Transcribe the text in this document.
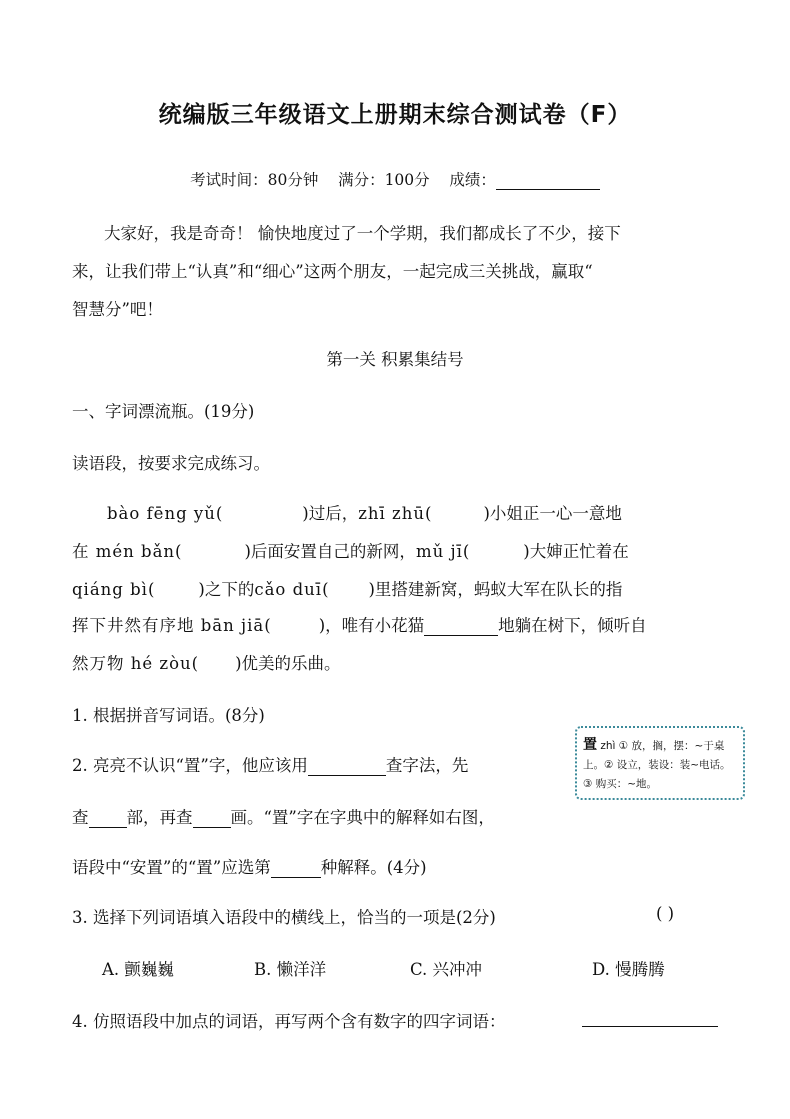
统编版三年级语文上册期末综合测试卷（F）
考试时间：80分钟 满分：100分 成绩：
大家好，我是奇奇！ 愉快地度过了一个学期，我们都成长了不少，接下
来，让我们带上“认真”和“细心”这两个朋友，一起完成三关挑战，赢取“
智慧分”吧！
第一关 积累集结号
一、字词漂流瓶。(19分)
读语段，按要求完成练习。
bào fēng yǔ(	)过后，zhī zhū(	)小姐正一心一意地
在 mén bǎn(	)后面安置自己的新网，mǔ jī(	)大婶正忙着在
qiáng bì(	)之下的cǎo duī( )里搭建新窝，蚂蚁大军在队长的指
挥下井然有序地 bān jiā(	)，唯有小花猫	地躺在树下，倾听自
然万物 hé zòu( )优美的乐曲。
1. 根据拼音写词语。(8分)
2. 亮亮不认识“置”字，他应该用	查字法，先
查 部，再查 画。“置”字在字典中的解释如右图，
语段中“安置”的“置”应选第	种解释。(4分)
置 zhì ① 放，搁，摆：~于桌
上。② 设立，装设：装~电话。
③ 购买：~地。
3. 选择下列词语填入语段中的横线上，恰当的一项是(2分)	( )
A. 颤巍巍	B. 懒洋洋	C. 兴冲冲	D. 慢腾腾
4. 仿照语段中加点的词语，再写两个含有数字的四字词语：
